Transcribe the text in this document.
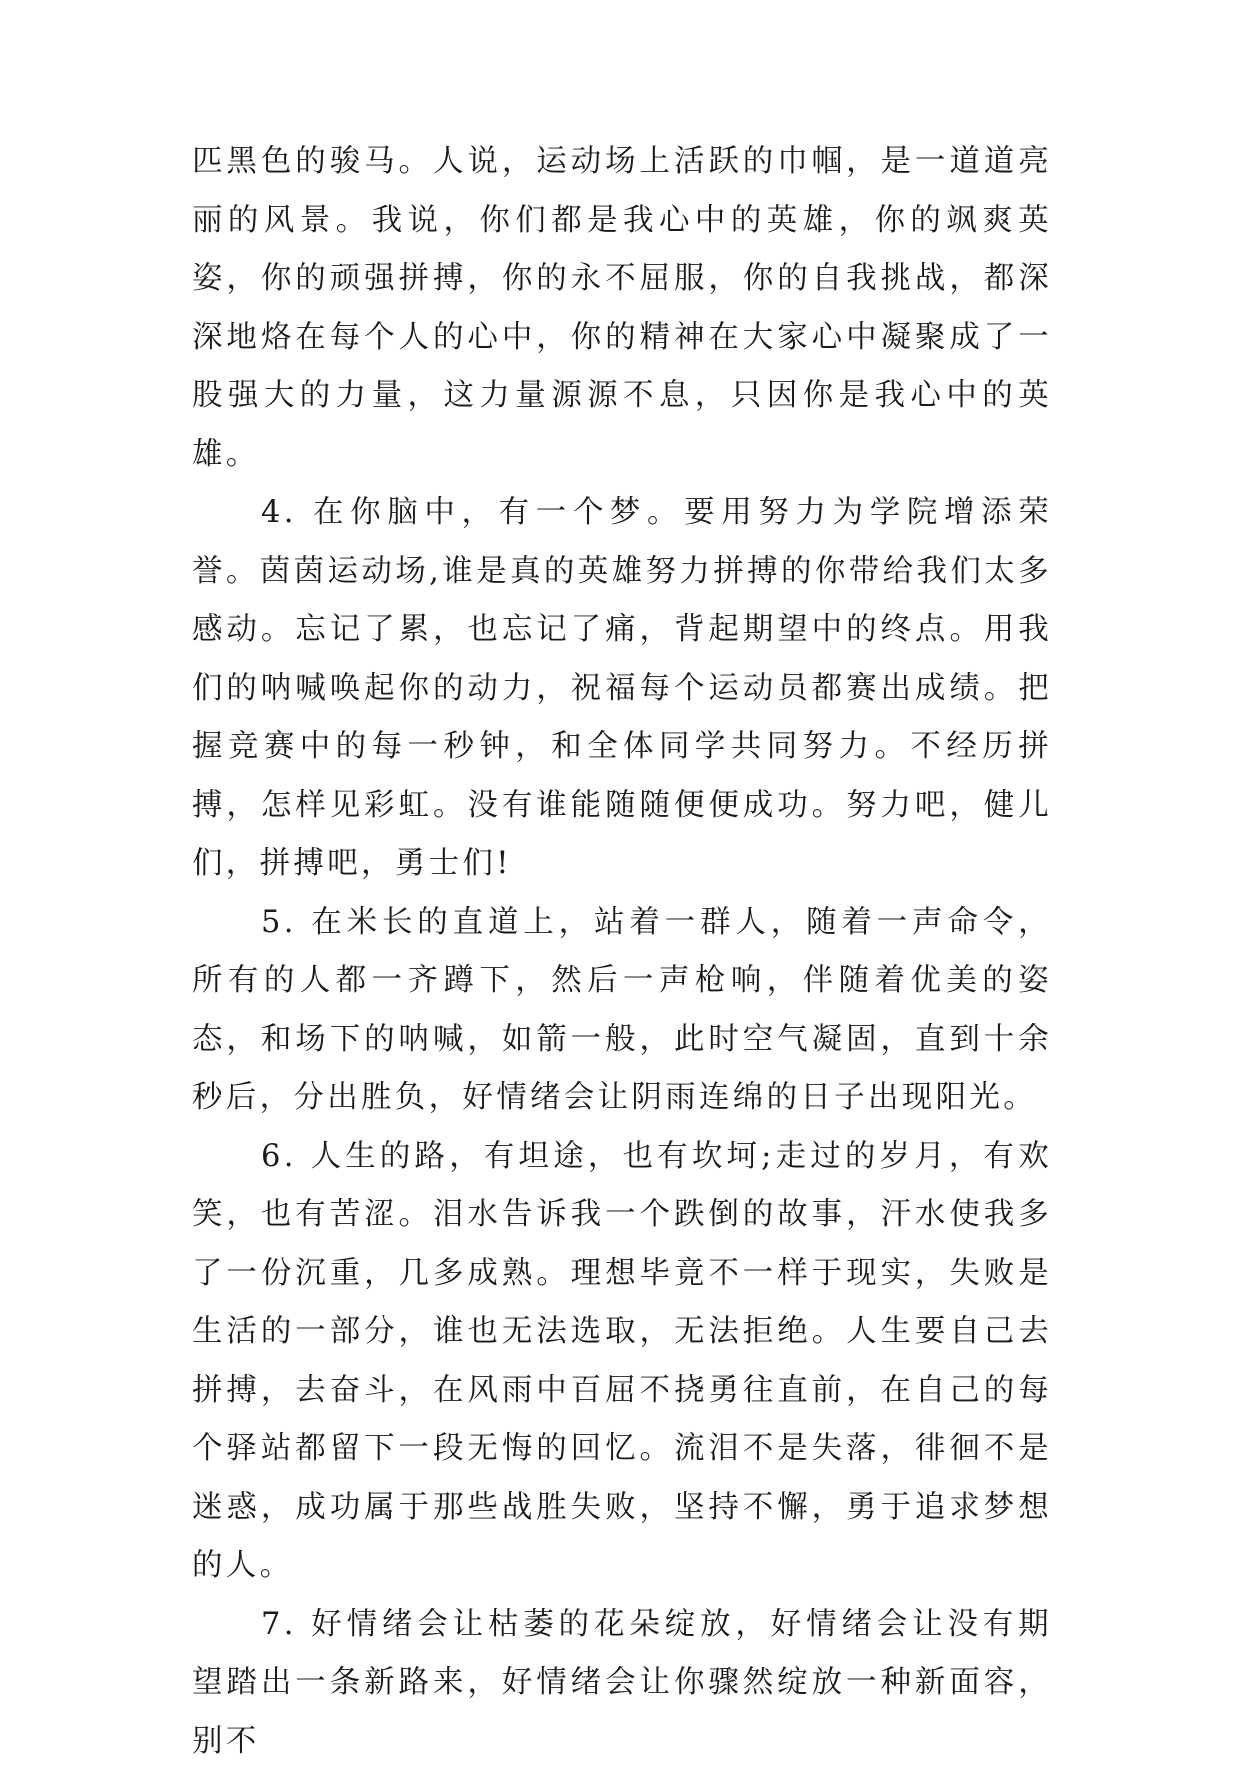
匹黑色的骏马。人说，运动场上活跃的巾帼，是一道道亮丽的风景。我说，你们都是我心中的英雄，你的飒爽英姿，你的顽强拼搏，你的永不屈服，你的自我挑战，都深深地烙在每个人的心中，你的精神在大家心中凝聚成了一股强大的力量，这力量源源不息，只因你是我心中的英雄。

4. 在你脑中，有一个梦。要用努力为学院增添荣誉。茵茵运动场,谁是真的英雄努力拼搏的你带给我们太多感动。忘记了累，也忘记了痛，背起期望中的终点。用我们的呐喊唤起你的动力，祝福每个运动员都赛出成绩。把握竞赛中的每一秒钟，和全体同学共同努力。不经历拼搏，怎样见彩虹。没有谁能随随便便成功。努力吧，健儿们，拼搏吧，勇士们!

5. 在米长的直道上，站着一群人，随着一声命令，所有的人都一齐蹲下，然后一声枪响，伴随着优美的姿态，和场下的呐喊，如箭一般，此时空气凝固，直到十余秒后，分出胜负，好情绪会让阴雨连绵的日子出现阳光。

6. 人生的路，有坦途，也有坎坷;走过的岁月，有欢笑，也有苦涩。泪水告诉我一个跌倒的故事，汗水使我多了一份沉重，几多成熟。理想毕竟不一样于现实，失败是生活的一部分，谁也无法选取，无法拒绝。人生要自己去拼搏，去奋斗，在风雨中百屈不挠勇往直前，在自己的每个驿站都留下一段无悔的回忆。流泪不是失落，徘徊不是迷惑，成功属于那些战胜失败，坚持不懈，勇于追求梦想的人。

7. 好情绪会让枯萎的花朵绽放，好情绪会让没有期望踏出一条新路来，好情绪会让你骤然绽放一种新面容，别不
